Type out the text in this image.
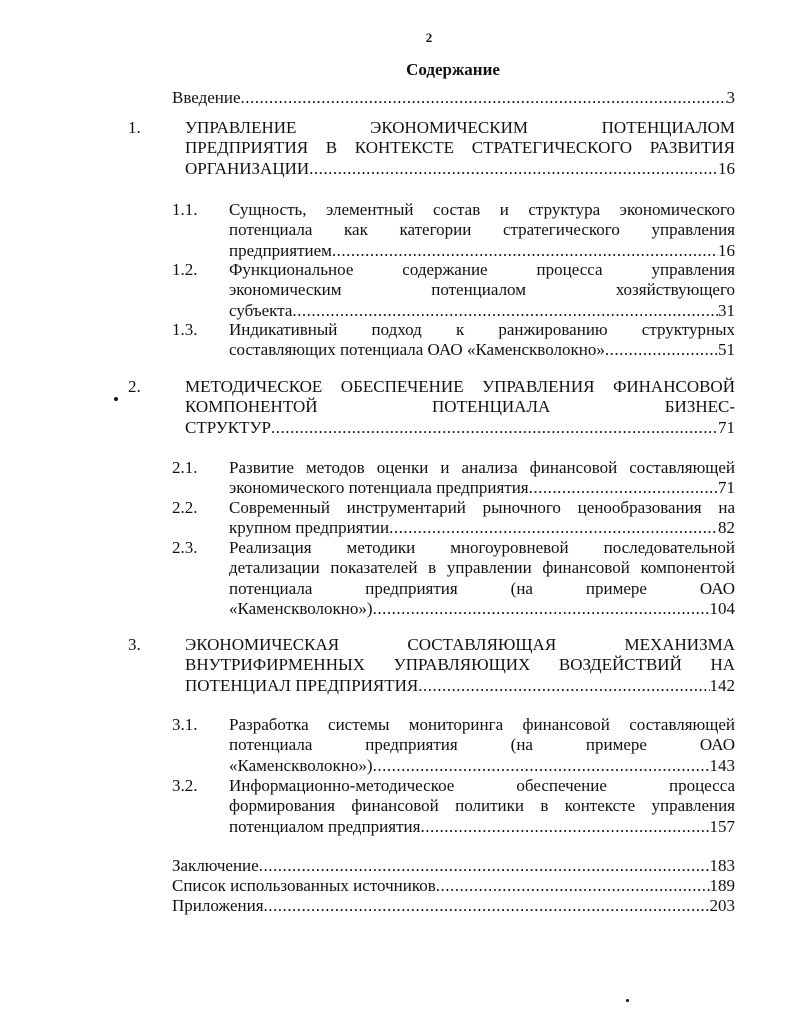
2
Содержание
Введение .....	3
1.	УПРАВЛЕНИЕ ЭКОНОМИЧЕСКИМ ПОТЕНЦИАЛОМ
ПРЕДПРИЯТИЯ В КОНТЕКСТЕ СТРАТЕГИЧЕСКОГО РАЗВИТИЯ
ОРГАНИЗАЦИИ .....	16
1.1. Сущность, элементный состав и структура экономического
потенциала как категории стратегического управления
предприятием .....	16
1.2. Функциональное содержание процесса управления
экономическим потенциалом хозяйствующего
субъекта .....	31
1.3. Индикативный подход к ранжированию структурных
составляющих потенциала ОАО «Каменскволокно» .....	51
2.	МЕТОДИЧЕСКОЕ ОБЕСПЕЧЕНИЕ УПРАВЛЕНИЯ ФИНАНСОВОЙ
КОМПОНЕНТОЙ ПОТЕНЦИАЛА БИЗНЕС-
СТРУКТУР .....	71
2.1. Развитие методов оценки и анализа финансовой составляющей
экономического потенциала предприятия .....	71
2.2. Современный инструментарий рыночного ценообразования на
крупном предприятии .....	82
2.3. Реализация методики многоуровневой последовательной
детализации показателей в управлении финансовой компонентой
потенциала предприятия (на примере ОАО
«Каменскволокно») .....	104
3.	ЭКОНОМИЧЕСКАЯ СОСТАВЛЯЮЩАЯ МЕХАНИЗМА
ВНУТРИФИРМЕННЫХ УПРАВЛЯЮЩИХ ВОЗДЕЙСТВИЙ НА
ПОТЕНЦИАЛ ПРЕДПРИЯТИЯ .....	142
3.1. Разработка системы мониторинга финансовой составляющей
потенциала предприятия (на примере ОАО
«Каменскволокно») .....	143
3.2. Информационно-методическое обеспечение процесса
формирования финансовой политики в контексте управления
потенциалом предприятия .....	157
Заключение .....	183
Список использованных источников .....	189
Приложения .....	203
